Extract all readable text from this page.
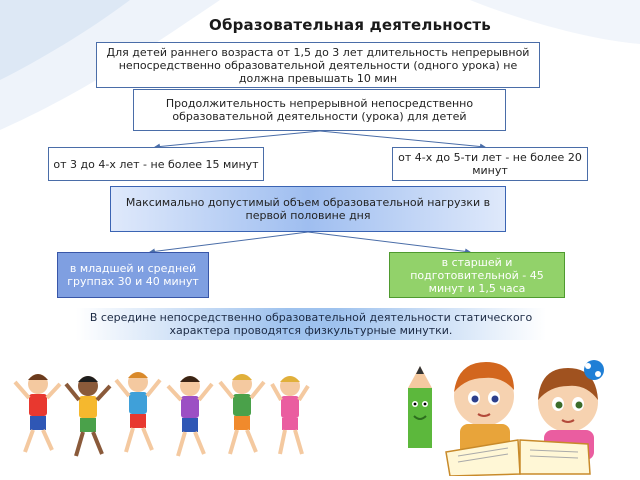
Образовательная деятельность
Для детей раннего возраста от 1,5 до 3 лет длительность непрерывной непосредственно образовательной деятельности (одного урока) не должна превышать 10 мин
Продолжительность непрерывной непосредственно образовательной деятельности (урока) для детей
от 3 до 4-х лет - не более 15 минут	от 4-х до 5-ти лет - не более 20 минут
Максимально допустимый объем образовательной нагрузки в первой половине дня
в младшей и средней группах 30 и 40 минут
в старшей и подготовительной - 45 минут и 1,5 часа
В середине непосредственно образовательной деятельности статического характера проводятся физкультурные минутки.
